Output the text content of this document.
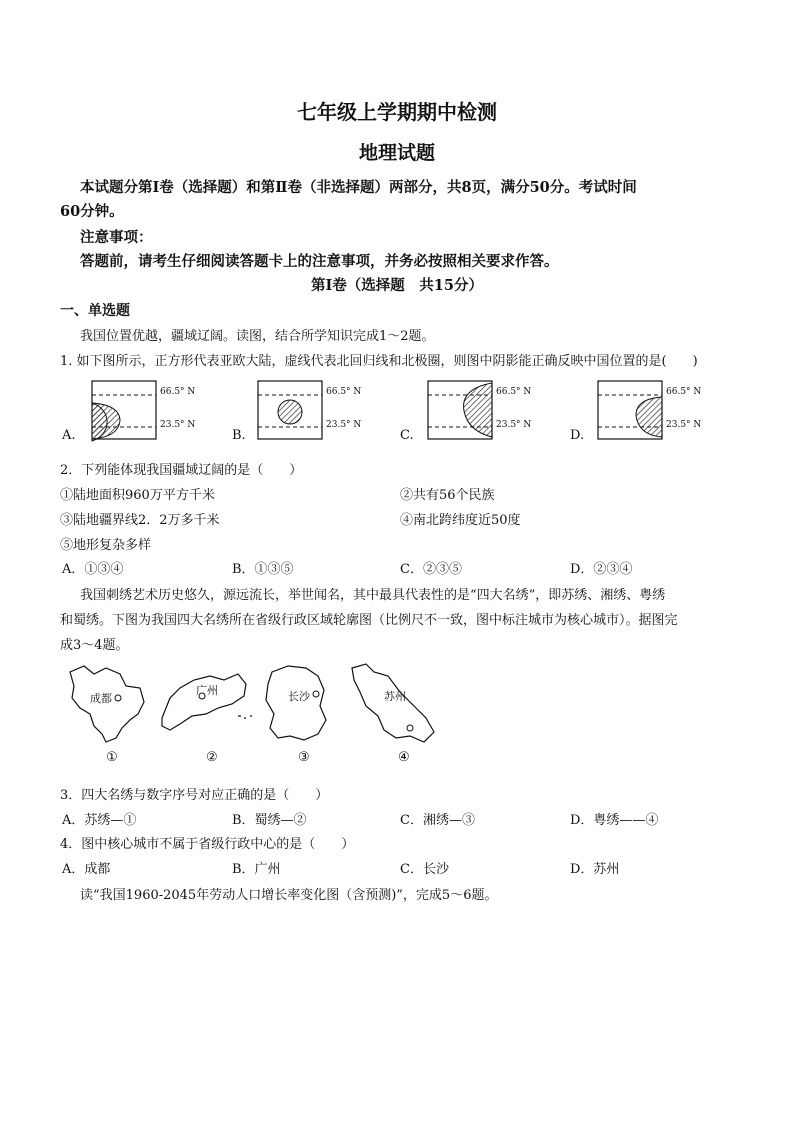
七年级上学期期中检测
地理试题
本试题分第Ⅰ卷（选择题）和第Ⅱ卷（非选择题）两部分，共8页，满分50分。考试时间
60分钟。
注意事项：
答题前，请考生仔细阅读答题卡上的注意事项，并务必按照相关要求作答。
第Ⅰ卷（选择题　共15分）
一、单选题
我国位置优越，疆域辽阔。读图，结合所学知识完成1～2题。
1. 如下图所示，正方形代表亚欧大陆，虚线代表北回归线和北极圈，则图中阴影能正确反映中国位置的是(　　)
66.5° N
23.5° N
66.5° N
23.5° N
66.5° N
23.5° N
66.5° N
23.5° N
A.	B.	C.	D.
2．下列能体现我国疆域辽阔的是（　　）
①陆地面积960万平方千米	②共有56个民族
③陆地疆界线2．2万多千米	④南北跨纬度近50度
⑤地形复杂多样
A．①③④	B．①③⑤	C．②③⑤	D．②③④
我国刺绣艺术历史悠久，源远流长，举世闻名，其中最具代表性的是“四大名绣”，即苏绣、湘绣、粤绣
和蜀绣。下图为我国四大名绣所在省级行政区域轮廓图（比例尺不一致，图中标注城市为核心城市）。据图完
成3～4题。
成都
广州	长沙	苏州
①	②	③	④
3．四大名绣与数字序号对应正确的是（　　）
A．苏绣—①	B．蜀绣—②	C．湘绣—③	D．粤绣——④
4．图中核心城市不属于省级行政中心的是（　　）
A．成都	B．广州	C．长沙	D．苏州
读“我国1960-2045年劳动人口增长率变化图（含预测)”，完成5～6题。
